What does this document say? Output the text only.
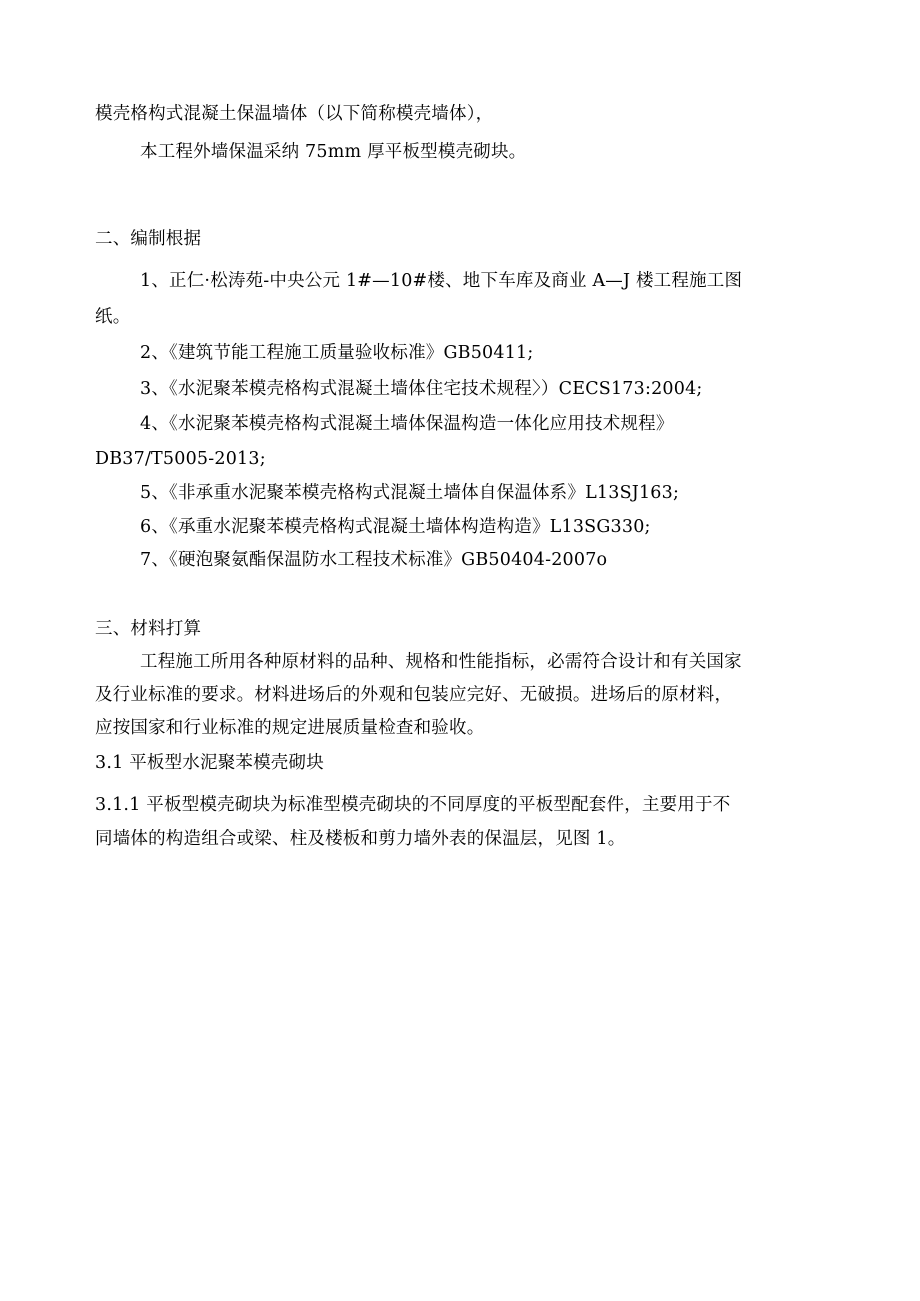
模壳格构式混凝土保温墙体（以下简称模壳墙体），
本工程外墙保温采纳 75mm 厚平板型模壳砌块。
二、编制根据
1、正仁·松涛苑-中央公元 1#—10#楼、地下车库及商业 A—J 楼工程施工图
纸。
2、《建筑节能工程施工质量验收标准》GB50411;
3、《水泥聚苯模壳格构式混凝土墙体住宅技术规程〉）CECS173:2004;
4、《水泥聚苯模壳格构式混凝土墙体保温构造一体化应用技术规程》
DB37/T5005-2013;
5、《非承重水泥聚苯模壳格构式混凝土墙体自保温体系》L13SJ163;
6、《承重水泥聚苯模壳格构式混凝土墙体构造构造》L13SG330;
7、《硬泡聚氨酯保温防水工程技术标准》GB50404-2007o
三、材料打算
工程施工所用各种原材料的品种、规格和性能指标，必需符合设计和有关国家
及行业标准的要求。材料进场后的外观和包装应完好、无破损。进场后的原材料，
应按国家和行业标准的规定进展质量检查和验收。
3.1 平板型水泥聚苯模壳砌块
3.1.1 平板型模壳砌块为标准型模壳砌块的不同厚度的平板型配套件，主要用于不
同墙体的构造组合或梁、柱及楼板和剪力墙外表的保温层，见图 1。
